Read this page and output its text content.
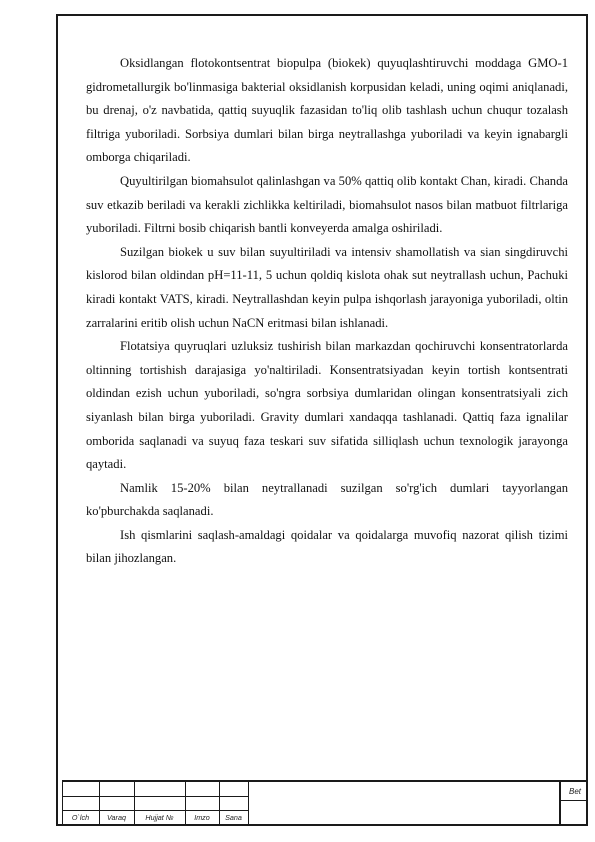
Oksidlangan flotokontsentrat biopulpa (biokek) quyuqlashtiruvchi moddaga GMO-1 gidrometallurgik bo'linmasiga bakterial oksidlanish korpusidan keladi, uning oqimi aniqlanadi, bu drenaj, o'z navbatida, qattiq suyuqlik fazasidan to'liq olib tashlash uchun chuqur tozalash filtriga yuboriladi. Sorbsiya dumlari bilan birga neytrallashga yuboriladi va keyin ignabargli omborga chiqariladi.

Quyultirilgan biomahsulot qalinlashgan va 50% qattiq olib kontakt Chan, kiradi. Chanda suv etkazib beriladi va kerakli zichlikka keltiriladi, biomahsulot nasos bilan matbuot filtrlariga yuboriladi. Filtrni bosib chiqarish bantli konveyerda amalga oshiriladi.

Suzilgan biokek u suv bilan suyultiriladi va intensiv shamollatish va sian singdiruvchi kislorod bilan oldindan pH=11-11, 5 uchun qoldiq kislota ohak sut neytrallash uchun, Pachuki kiradi kontakt VATS, kiradi. Neytrallashdan keyin pulpa ishqorlash jarayoniga yuboriladi, oltin zarralarini eritib olish uchun NaCN eritmasi bilan ishlanadi.

Flotatsiya quyruqlari uzluksiz tushirish bilan markazdan qochiruvchi konsentratorlarda oltinning tortishish darajasiga yo'naltiriladi. Konsentratsiyadan keyin tortish kontsentrati oldindan ezish uchun yuboriladi, so'ngra sorbsiya dumlaridan olingan konsentratsiyali zich siyanlash bilan birga yuboriladi. Gravity dumlari xandaqqa tashlanadi. Qattiq faza ignalilar omborida saqlanadi va suyuq faza teskari suv sifatida silliqlash uchun texnologik jarayonga qaytadi.

Namlik 15-20% bilan neytrallanadi suzilgan so'rg'ich dumlari tayyorlangan ko'pburchakda saqlanadi.

Ish qismlarini saqlash-amaldagi qoidalar va qoidalarga muvofiq nazorat qilish tizimi bilan jihozlangan.

O`lch	Varaq	Hujjat №	Imzo	Sana
Bet
